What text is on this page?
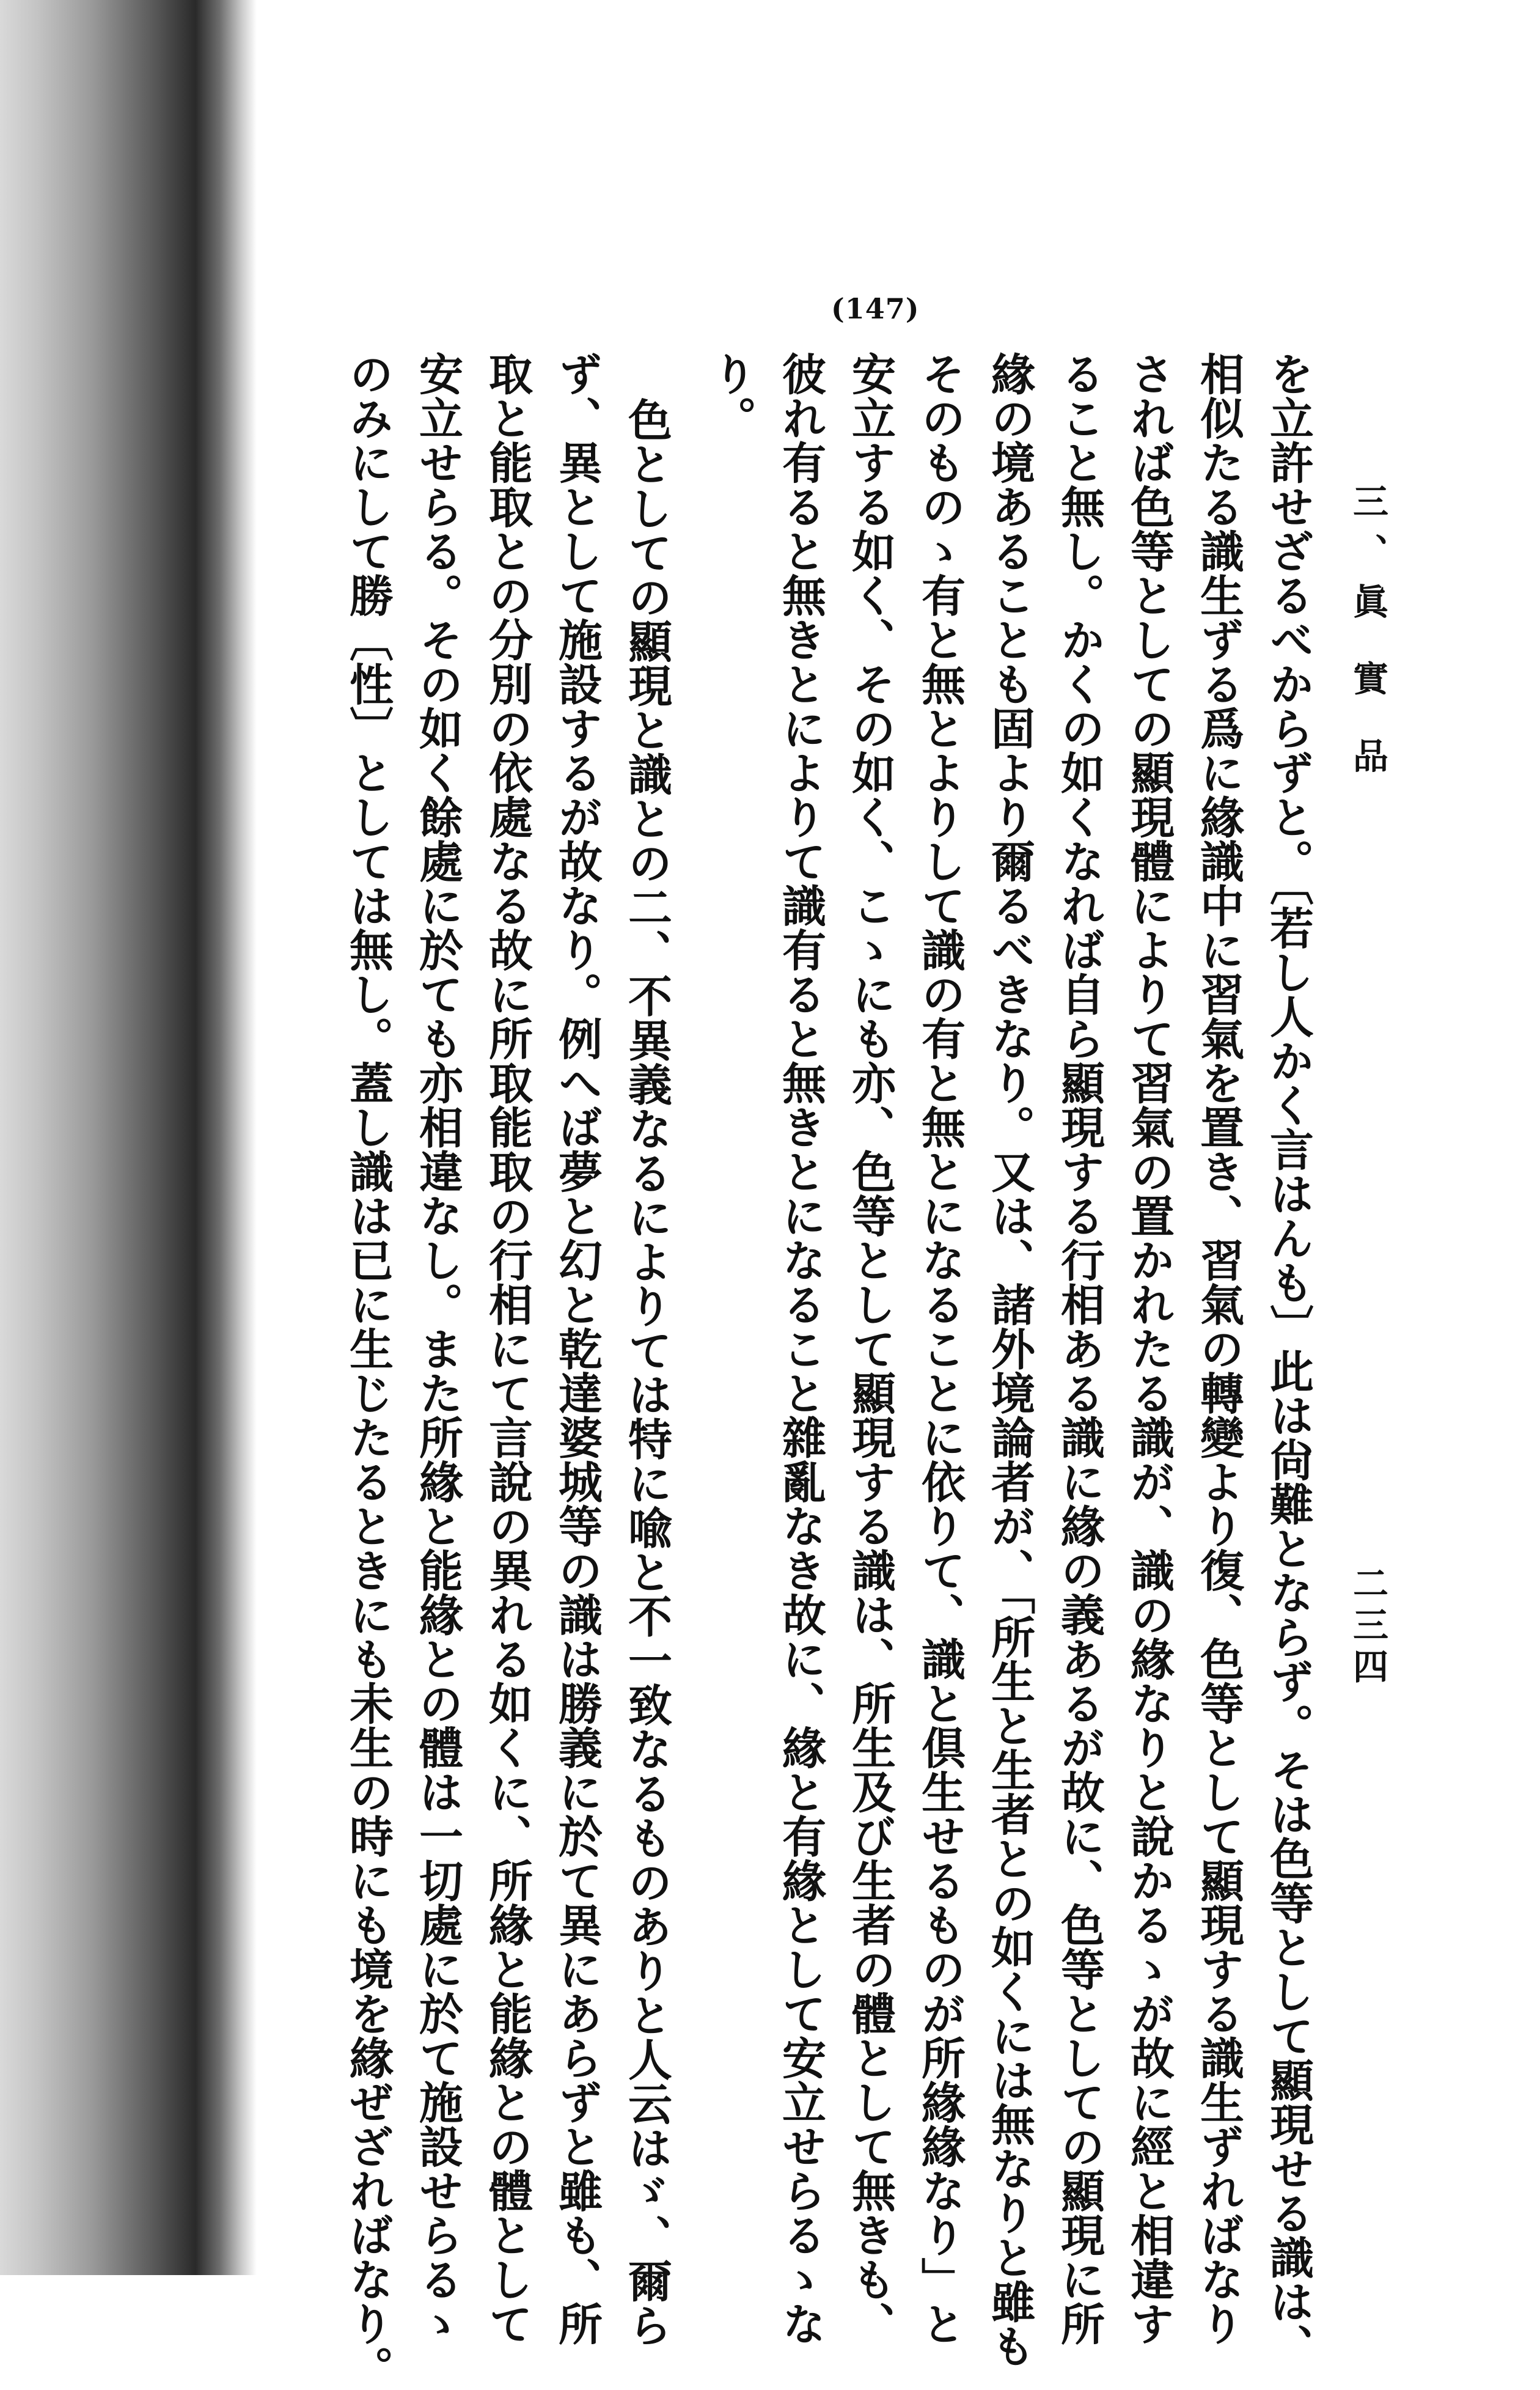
(147)
三、眞 實 品
二三四
を立許せざるべからずと。〔若し人かく言はんも〕此は尙難とならず。そは色等として顯現せる識は、
相似たる識生ずる爲に緣識中に習氣を置き、習氣の轉變より復、色等として顯現する識生ずればなり
されば色等としての顯現體によりて習氣の置かれたる識が、識の緣なりと說かるゝが故に經と相違す
ること無し。かくの如くなれば自ら顯現する行相ある識に緣の義あるが故に、色等としての顯現に所
緣の境あることも固より爾るべきなり。又は、諸外境論者が、「所生と生者との如くには無なりと雖も
そのものゝ有と無とよりして識の有と無とになることに依りて、識と倶生せるものが所緣緣なり」と
安立する如く、その如く、こゝにも亦、色等として顯現する識は、所生及び生者の體として無きも、
彼れ有ると無きとによりて識有ると無きとになること雜亂なき故に、緣と有緣として安立せらるゝな
り。
色としての顯現と識との二、不異義なるによりては特に喩と不一致なるものありと人云はゞ、爾ら
ず、異として施設するが故なり。例へば夢と幻と乾達婆城等の識は勝義に於て異にあらずと雖も、所
取と能取との分別の依處なる故に所取能取の行相にて言說の異れる如くに、所緣と能緣との體として
安立せらる。その如く餘處に於ても亦相違なし。また所緣と能緣との體は一切處に於て施設せらるゝ
のみにして勝〔性〕としては無し。蓋し識は已に生じたるときにも未生の時にも境を緣ぜざればなり。
